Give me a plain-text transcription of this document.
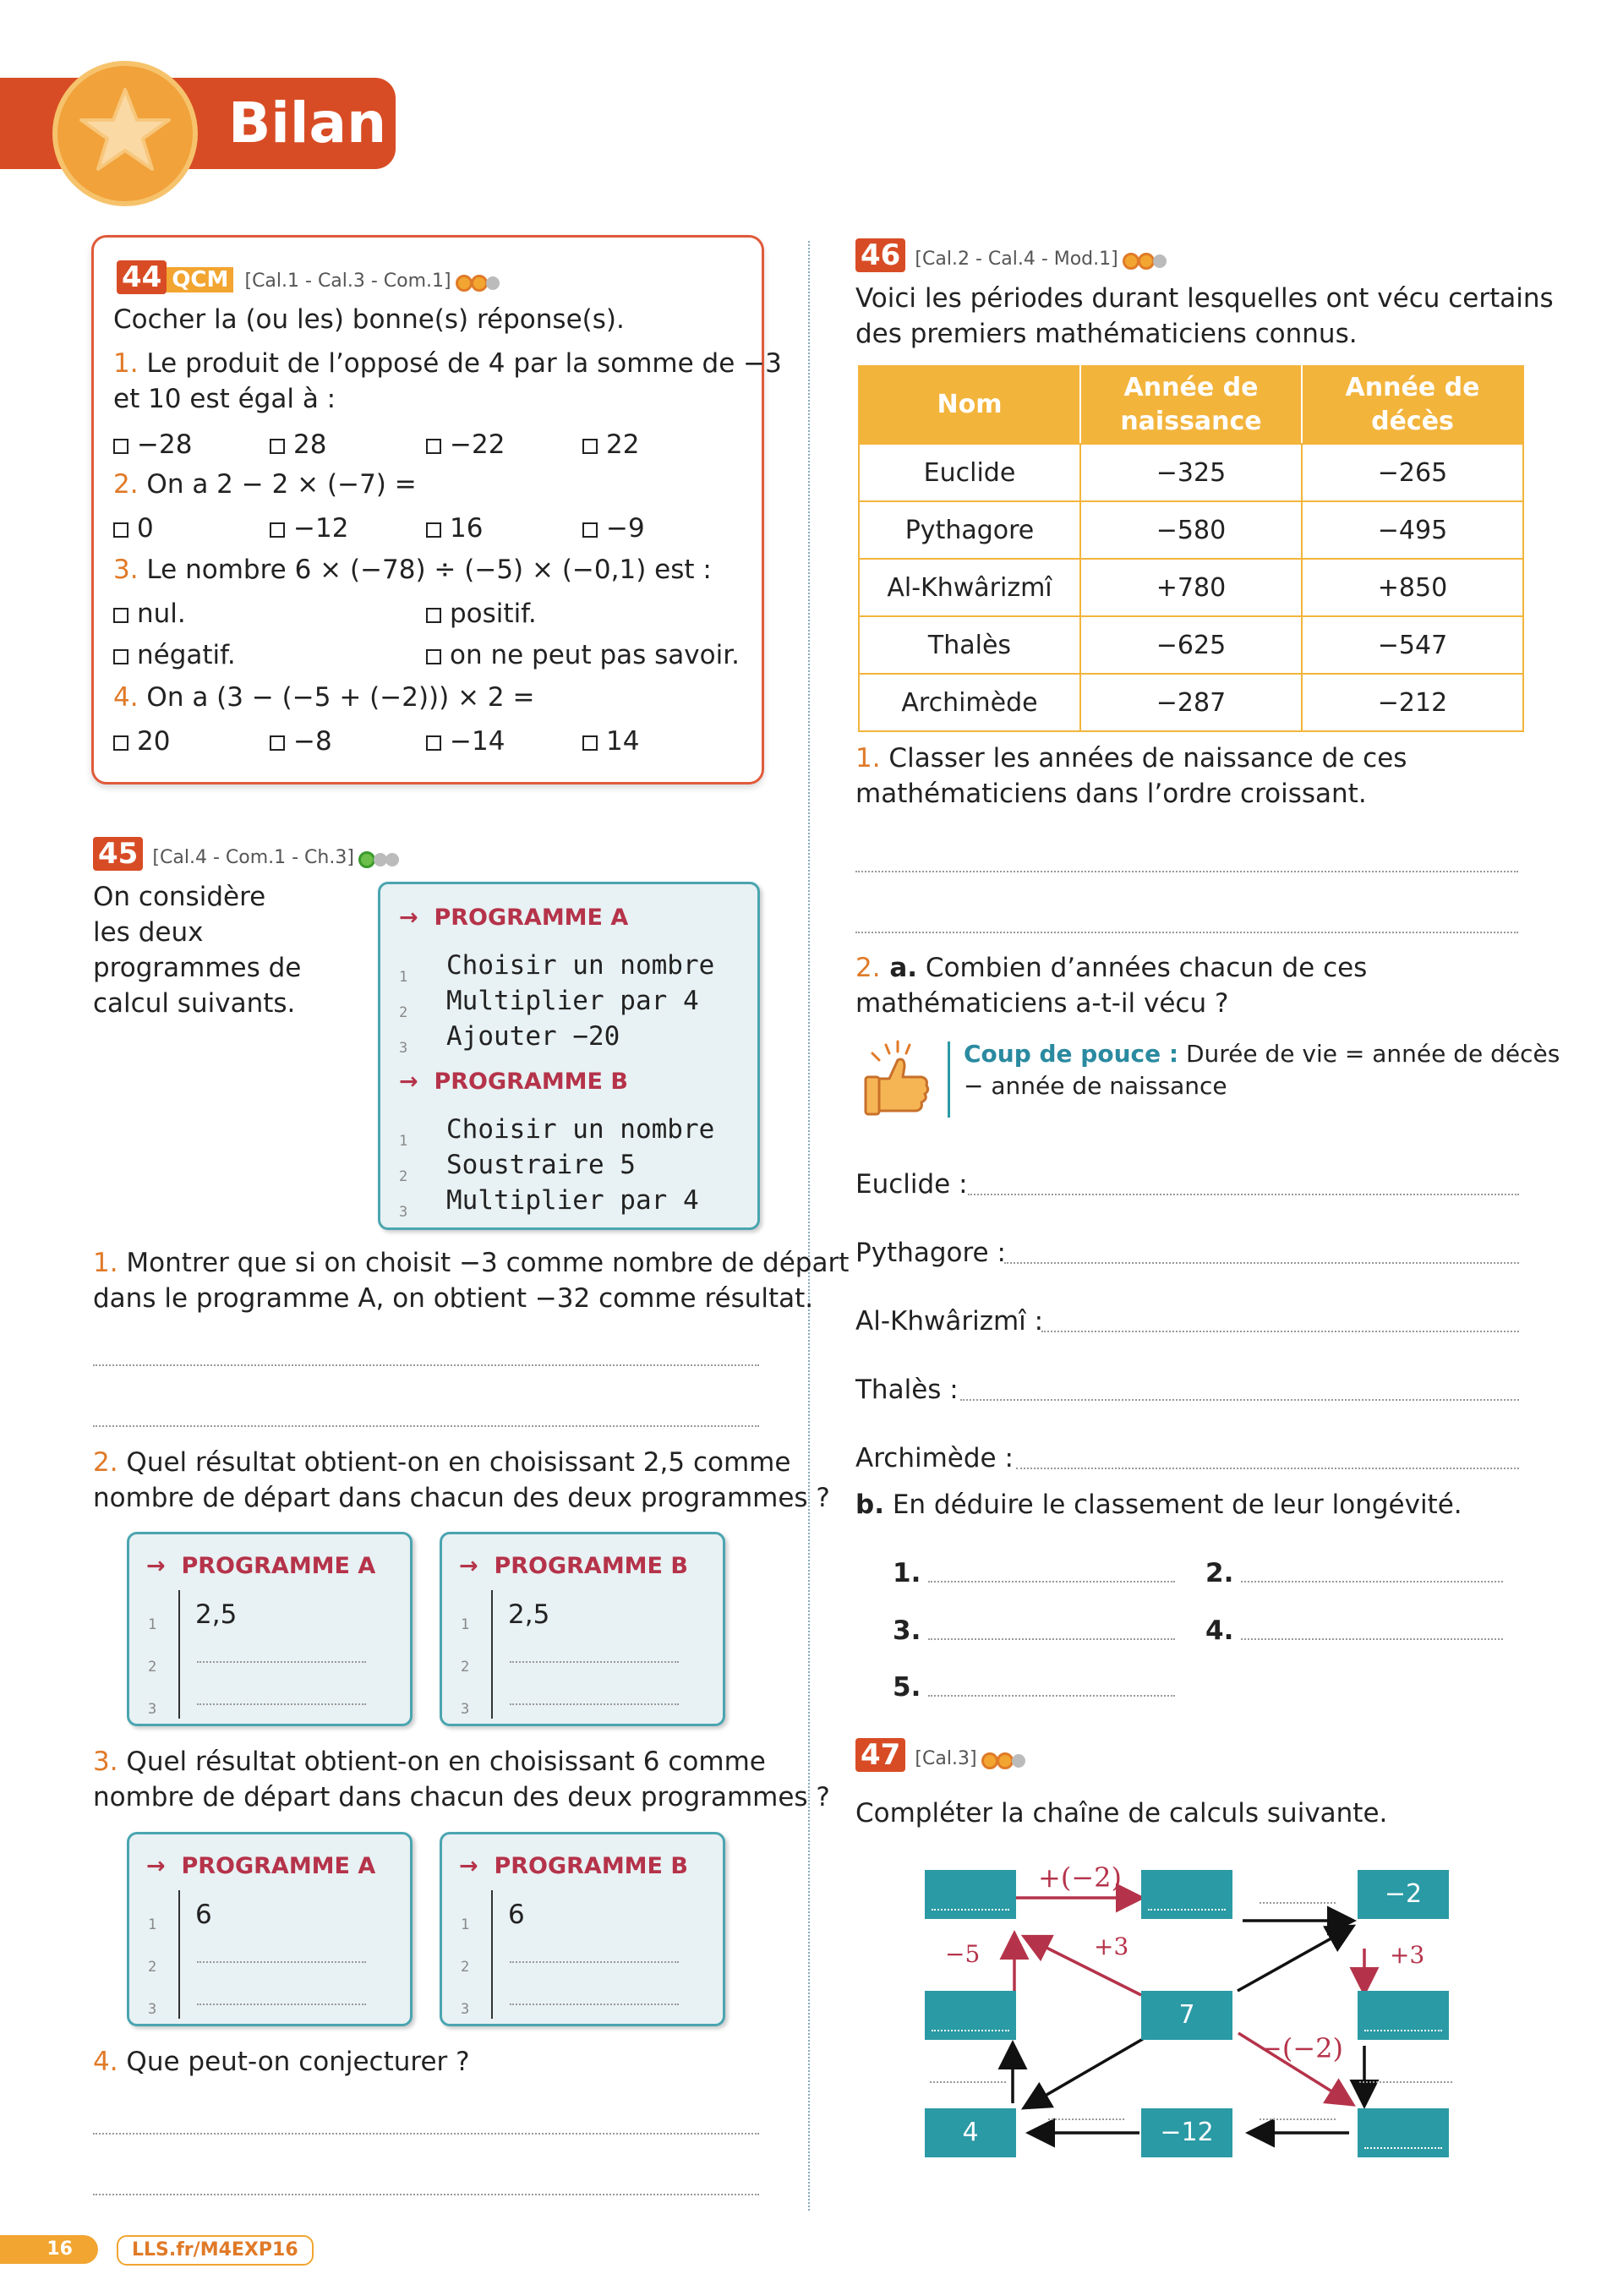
Bilan
44 QCM [Cal.1 - Cal.3 - Com.1]
Cocher la (ou les) bonne(s) réponse(s).
1. Le produit de l’opposé de 4 par la somme de −3
et 10 est égal à :
−28	28	−22	22
2. On a 2 − 2 × (−7) =
0	−12	16	−9
3. Le nombre 6 × (−78) ÷ (−5) × (−0,1) est :
nul.	positif.
négatif.	on ne peut pas savoir.
4. On a (3 − (−5 + (−2))) × 2 =
20	−8	−14	14
45 [Cal.4 - Com.1 - Ch.3]
On considère
les deux
programmes de
calcul suivants.
→  PROGRAMME A
1
2
3
Choisir un nombre
Multiplier par 4
Ajouter −20
→  PROGRAMME B
1
2
3
Choisir un nombre
Soustraire 5
Multiplier par 4
1. Montrer que si on choisit −3 comme nombre de départ
dans le programme A, on obtient −32 comme résultat.
2. Quel résultat obtient-on en choisissant 2,5 comme
nombre de départ dans chacun des deux programmes ?
→  PROGRAMME A
1
2
3
2,5
→  PROGRAMME B
1
2
3
2,5
3. Quel résultat obtient-on en choisissant 6 comme
nombre de départ dans chacun des deux programmes ?
→  PROGRAMME A
1
2
3
6
→  PROGRAMME B
1
2
3
6
4. Que peut-on conjecturer ?
46 [Cal.2 - Cal.4 - Mod.1]
Voici les périodes durant lesquelles ont vécu certains
des premiers mathématiciens connus.
Nom	Année de naissance	Année de décès
Euclide	−325	−265
Pythagore	−580	−495
Al-Khwârizmî	+780	+850
Thalès	−625	−547
Archimède	−287	−212
1. Classer les années de naissance de ces
mathématiciens dans l’ordre croissant.
2. a. Combien d’années chacun de ces
mathématiciens a-t-il vécu ?
Coup de pouce : Durée de vie = année de décès
− année de naissance
Euclide :
Pythagore :
Al-Khwârizmî :
Thalès :
Archimède :
b. En déduire le classement de leur longévité.
1.	2.
3.	4.
5.
47 [Cal.3]
Compléter la chaîne de calculs suivante.
−2
7
4	−12
+(−2)
−5	+3	+3
−(−2)
16	LLS.fr/M4EXP16
